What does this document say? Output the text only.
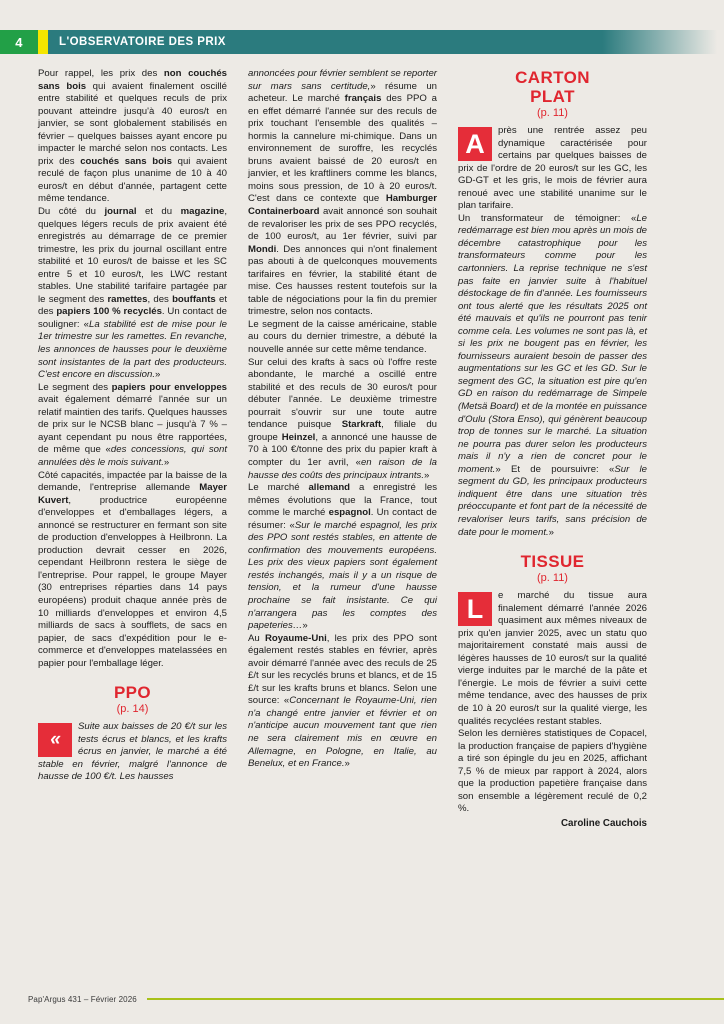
4	L'OBSERVATOIRE DES PRIX
Pour rappel, les prix des non couchés sans bois qui avaient finalement oscillé entre stabilité et quelques reculs de prix pouvant atteindre jusqu'à 40 euros/t en janvier, se sont globalement stabilisés en février – quelques baisses ayant encore pu impacter le marché selon nos contacts. Les prix des couchés sans bois qui avaient reculé de façon plus unanime de 10 à 40 euros/t en début d'année, partagent cette même tendance.
Du côté du journal et du magazine, quelques légers reculs de prix avaient été enregistrés au démarrage de ce premier trimestre, les prix du journal oscillant entre stabilité et 10 euros/t de baisse et les SC entre 5 et 10 euros/t, les LWC restant stables. Une stabilité tarifaire partagée par le segment des ramettes, des bouffants et des papiers 100 % recyclés. Un contact de souligner: «La stabilité est de mise pour le 1er trimestre sur les ramettes. En revanche, les annonces de hausses pour le deuxième sont insistantes de la part des producteurs. C'est encore en discussion.»
Le segment des papiers pour enveloppes avait également démarré l'année sur un relatif maintien des tarifs. Quelques hausses de prix sur le NCSB blanc – jusqu'à 7 % – ayant cependant pu nous être rapportées, de même que «des concessions, qui sont annulées dès le mois suivant.»
Côté capacités, impactée par la baisse de la demande, l'entreprise allemande Mayer Kuvert, productrice européenne d'enveloppes et d'emballages légers, a annoncé se restructurer en fermant son site de production d'enveloppes à Heilbronn. La production devrait cesser en 2026, cependant Heilbronn restera le siège de l'entreprise. Pour rappel, le groupe Mayer (30 entreprises réparties dans 14 pays européens) produit chaque année près de 10 milliards d'enveloppes et environ 4,5 milliards de sacs à soufflets, de sacs en papier, de sacs d'expédition pour le e-commerce et d'enveloppes matelassées en papier pour l'emballage léger.
PPO
(p. 14)
«
Suite aux baisses de 20 €/t sur les tests écrus et blancs, et les krafts écrus en janvier, le marché a été stable en février, malgré l'annonce de hausse de 100 €/t. Les hausses
annoncées pour février semblent se reporter sur mars sans certitude,» résume un acheteur. Le marché français des PPO a en effet démarré l'année sur des reculs de prix touchant l'ensemble des qualités – hormis la cannelure mi-chimique. Dans un environnement de suroffre, les recyclés bruns avaient baissé de 20 euros/t en janvier, et les kraftliners comme les blancs, moins sous pression, de 10 à 20 euros/t. C'est dans ce contexte que Hamburger Containerboard avait annoncé son souhait de revaloriser les prix de ses PPO recyclés, de 100 euros/t, au 1er février, suivi par Mondi. Des annonces qui n'ont finalement pas abouti à de quelconques mouvements tarifaires en février, la stabilité étant de mise. Ces hausses restent toutefois sur la table de négociations pour la fin du premier trimestre, selon nos contacts.
Le segment de la caisse américaine, stable au cours du dernier trimestre, a débuté la nouvelle année sur cette même tendance.
Sur celui des krafts à sacs où l'offre reste abondante, le marché a oscillé entre stabilité et des reculs de 30 euros/t pour débuter l'année. Le deuxième trimestre pourrait s'ouvrir sur une toute autre tendance puisque Starkraft, filiale du groupe Heinzel, a annoncé une hausse de 70 à 100 €/tonne des prix du papier kraft à compter du 1er avril, «en raison de la hausse des coûts des principaux intrants.»
Le marché allemand a enregistré les mêmes évolutions que la France, tout comme le marché espagnol. Un contact de résumer: «Sur le marché espagnol, les prix des PPO sont restés stables, en attente de confirmation des mouvements européens. Les prix des vieux papiers sont également restés inchangés, mais il y a un risque de tension, et la rumeur d'une hausse prochaine se fait insistante. Ce qui n'arrangera pas les comptes des papeteries…»
Au Royaume-Uni, les prix des PPO sont également restés stables en février, après avoir démarré l'année avec des reculs de 25 £/t sur les recyclés bruns et blancs, et de 15 £/t sur les krafts bruns et blancs. Selon une source: «Concernant le Royaume-Uni, rien n'a changé entre janvier et février et on n'anticipe aucun mouvement tant que rien ne sera clairement mis en œuvre en Allemagne, en Pologne, en Italie, au Benelux, et en France.»
CARTON
PLAT
(p. 11)
A	près une rentrée assez peu dynamique caractérisée pour certains par quelques baisses de prix de l'ordre de 20 euros/t sur les GC, les GD-GT et les gris, le mois de février aura renoué avec une stabilité unanime sur le plan tarifaire.
Un transformateur de témoigner: «Le redémarrage est bien mou après un mois de décembre catastrophique pour les transformateurs comme pour les cartonniers. La reprise technique ne s'est pas faite en janvier suite à l'habituel déstockage de fin d'année. Les fournisseurs ont tous alerté que les résultats 2025 ont été mauvais et qu'ils ne pourront pas tenir comme cela. Les volumes ne sont pas là, et si les prix ne bougent pas en février, les fournisseurs auraient besoin de passer des augmentations sur les GC et les GD. Sur le segment des GC, la situation est pire qu'en GD en raison du redémarrage de Simpele (Metsä Board) et de la montée en puissance d'Oulu (Stora Enso), qui génèrent beaucoup trop de tonnes sur le marché. La situation ne pourra pas durer selon les producteurs mais il n'y a rien de concret pour le moment.» Et de poursuivre: «Sur le segment du GD, les principaux producteurs indiquent être dans une situation très préoccupante et font part de la nécessité de revaloriser leurs tarifs, sans précision de date pour le moment.»
TISSUE
(p. 11)
L	e marché du tissue aura finalement démarré l'année 2026 quasiment aux mêmes niveaux de prix qu'en janvier 2025, avec un statu quo majoritairement constaté mais aussi de légères hausses de 10 euros/t sur la qualité vierge induites par le marché de la pâte et l'énergie. Le mois de février a suivi cette même tendance, avec des hausses de prix de 10 à 20 euros/t sur la qualité vierge, les qualités recyclées restant stables.
Selon les dernières statistiques de Copacel, la production française de papiers d'hygiène a tiré son épingle du jeu en 2025, affichant 7,5 % de mieux par rapport à 2024, alors que la production papetière française dans son ensemble a légèrement reculé de 0,2 %.
Caroline Cauchois
Pap'Argus 431 – Février 2026
